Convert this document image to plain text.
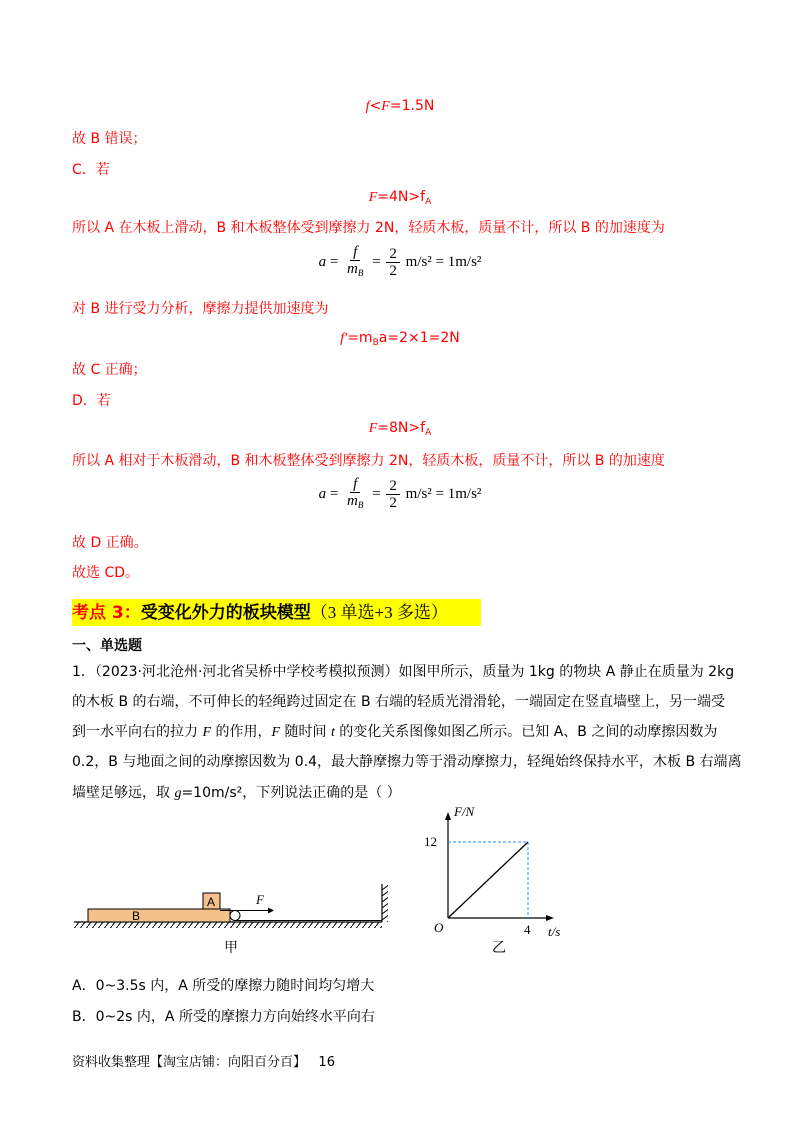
f<F=1.5N
故 B 错误；
C．若
$F=4N>f_A$
所以 A 在木板上滑动，B 和木板整体受到摩擦力 2N，轻质木板，质量不计，所以 B 的加速度为
$a = \frac{f}{m_B} = \frac{2}{2} m/s^2 = 1m/s^2$
对 B 进行受力分析，摩擦力提供加速度为
$f'=m_Ba=2\times 1=2N$
故 C 正确；
D．若
$F=8N>f_A$
所以 A 相对于木板滑动，B 和木板整体受到摩擦力 2N，轻质木板，质量不计，所以 B 的加速度
$a = \frac{f}{m_B} = \frac{2}{2} m/s^2 = 1m/s^2$
故 D 正确。
故选 CD。
考点 3：受变化外力的板块模型（3 单选+3 多选）
一、单选题
1．（2023·河北沧州·河北省吴桥中学校考模拟预测）如图甲所示，质量为 1kg 的物块 A 静止在质量为 2kg
的木板 B 的右端，不可伸长的轻绳跨过固定在 B 右端的轻质光滑滑轮，一端固定在竖直墙壁上，另一端受
到一水平向右的拉力 F 的作用，F 随时间 t 的变化关系图像如图乙所示。已知 A、B 之间的动摩擦因数为
0.2，B 与地面之间的动摩擦因数为 0.4，最大静摩擦力等于滑动摩擦力，轻绳始终保持水平，木板 B 右端离
墙壁足够远，取 g=10m/s²，下列说法正确的是（ ）
B
A	F
甲
F/N
t/s
O
12
4
乙
A．0~3.5s 内，A 所受的摩擦力随时间均匀增大
B．0~2s 内，A 所受的摩擦力方向始终水平向右
资料收集整理【淘宝店铺：向阳百分百】 16
